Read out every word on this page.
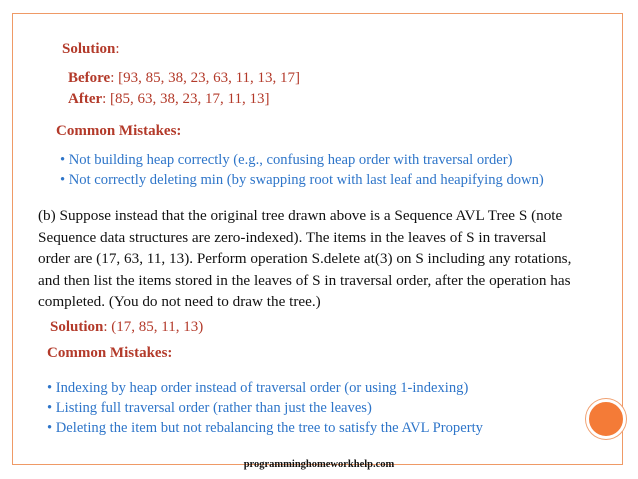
Solution:
Before: [93, 85, 38, 23, 63, 11, 13, 17]
After: [85, 63, 38, 23, 17, 11, 13]
Common Mistakes:
• Not building heap correctly (e.g., confusing heap order with traversal order)
• Not correctly deleting min (by swapping root with last leaf and heapifying down)
(b) Suppose instead that the original tree drawn above is a Sequence AVL Tree S (note
Sequence data structures are zero-indexed). The items in the leaves of S in traversal
order are (17, 63, 11, 13). Perform operation S.delete at(3) on S including any rotations,
and then list the items stored in the leaves of S in traversal order, after the operation has
completed. (You do not need to draw the tree.)
Solution: (17, 85, 11, 13)
Common Mistakes:
• Indexing by heap order instead of traversal order (or using 1-indexing)
• Listing full traversal order (rather than just the leaves)
• Deleting the item but not rebalancing the tree to satisfy the AVL Property
programminghomeworkhelp.com
